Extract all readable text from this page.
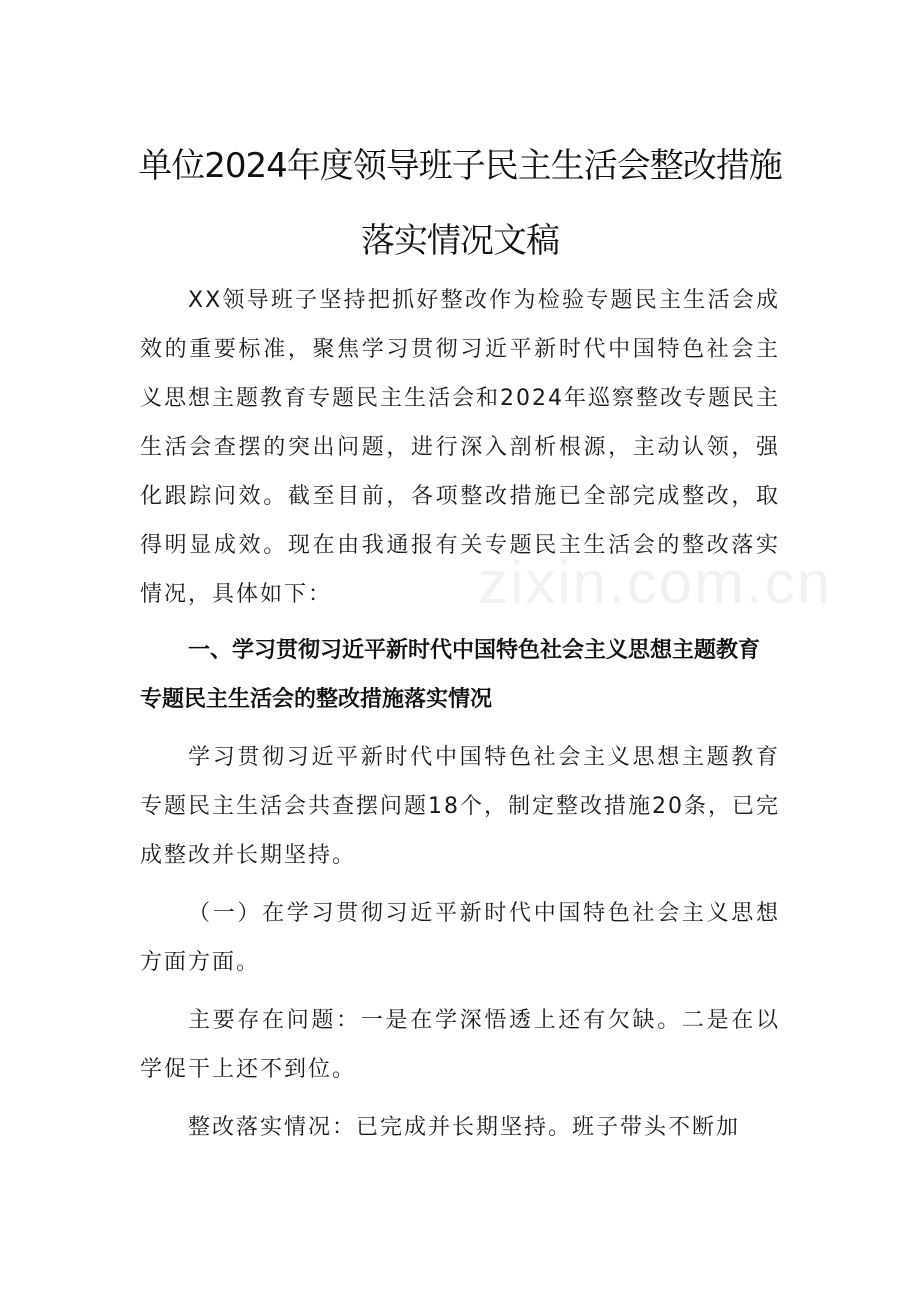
单位2024年度领导班子民主生活会整改措施
落实情况文稿

XX领导班子坚持把抓好整改作为检验专题民主生活会成效的重要标准，聚焦学习贯彻习近平新时代中国特色社会主义思想主题教育专题民主生活会和2024年巡察整改专题民主生活会查摆的突出问题，进行深入剖析根源，主动认领，强化跟踪问效。截至目前，各项整改措施已全部完成整改，取得明显成效。现在由我通报有关专题民主生活会的整改落实情况，具体如下：

一、学习贯彻习近平新时代中国特色社会主义思想主题教育专题民主生活会的整改措施落实情况

学习贯彻习近平新时代中国特色社会主义思想主题教育专题民主生活会共查摆问题18个，制定整改措施20条，已完成整改并长期坚持。

（一）在学习贯彻习近平新时代中国特色社会主义思想方面方面。

主要存在问题：一是在学深悟透上还有欠缺。二是在以学促干上还不到位。

整改落实情况：已完成并长期坚持。班子带头不断加

zixin.com.cn
